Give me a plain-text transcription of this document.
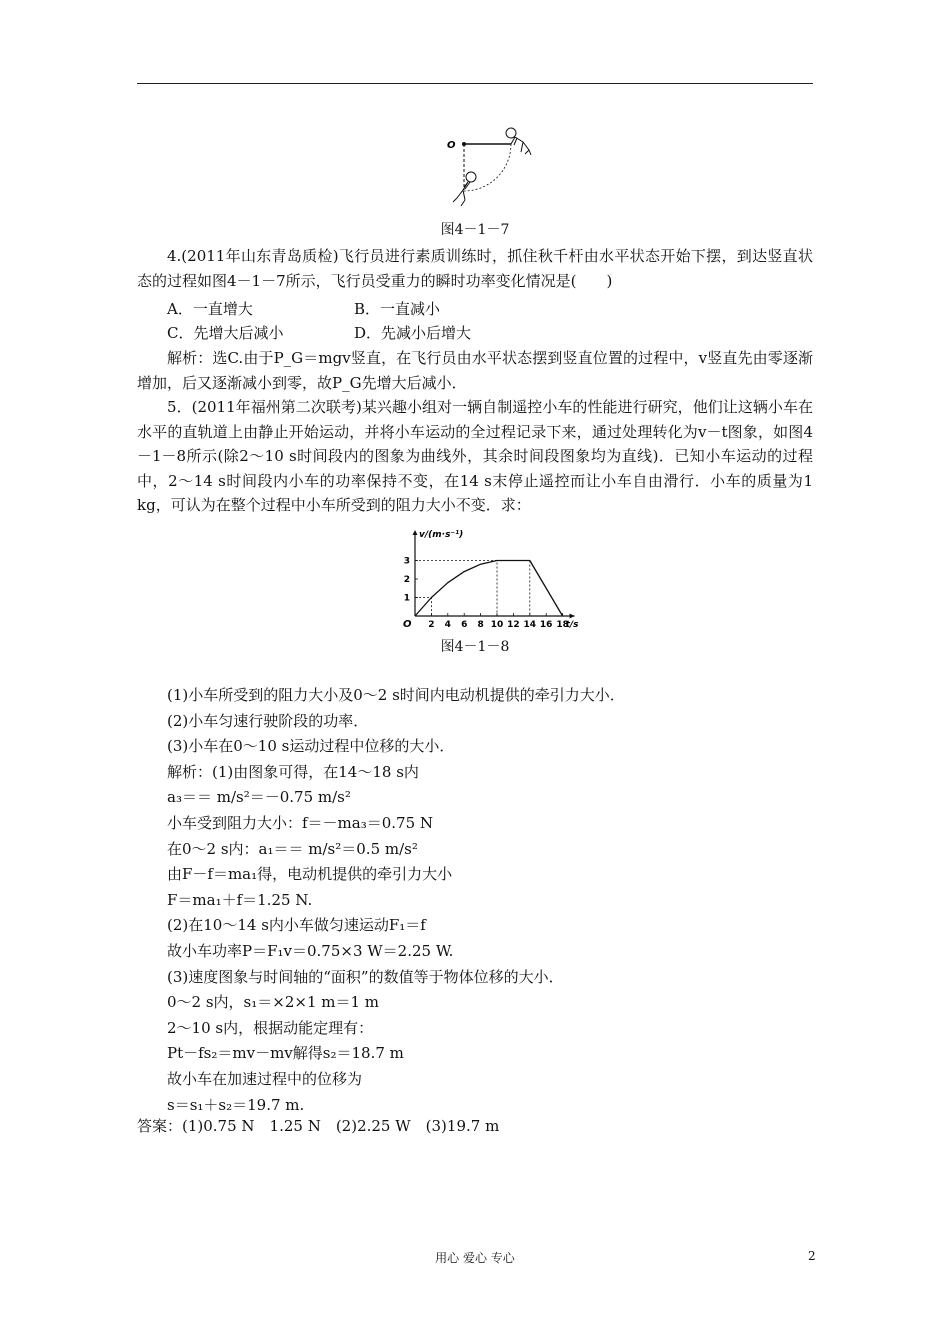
O
图4－1－7
4.(2011年山东青岛质检)飞行员进行素质训练时，抓住秋千杆由水平状态开始下摆，到达竖直状态的过程如图4－1－7所示，飞行员受重力的瞬时功率变化情况是(　　)
A．一直增大	B．一直减小
C．先增大后减小	D．先减小后增大
解析：选C.由于P_G＝mgv竖直，在飞行员由水平状态摆到竖直位置的过程中，v竖直先由零逐渐增加，后又逐渐减小到零，故P_G先增大后减小．
5．(2011年福州第二次联考)某兴趣小组对一辆自制遥控小车的性能进行研究，他们让这辆小车在水平的直轨道上由静止开始运动，并将小车运动的全过程记录下来，通过处理转化为v－t图象，如图4－1－8所示(除2～10 s时间段内的图象为曲线外，其余时间段图象均为直线)．已知小车运动的过程中，2～14 s时间段内小车的功率保持不变，在14 s末停止遥控而让小车自由滑行．小车的质量为1 kg，可认为在整个过程中小车所受到的阻力大小不变．求：
v/(m·s⁻¹)
t/s
O 2 4 6 8 10 12 14 16 18
1
2
3
图4－1－8
(1)小车所受到的阻力大小及0～2 s时间内电动机提供的牵引力大小．
(2)小车匀速行驶阶段的功率．
(3)小车在0～10 s运动过程中位移的大小．
解析：(1)由图象可得，在14～18 s内
a₃＝＝ m/s²＝－0.75 m/s²
小车受到阻力大小：f＝－ma₃＝0.75 N
在0～2 s内：a₁＝＝ m/s²＝0.5 m/s²
由F－f＝ma₁得，电动机提供的牵引力大小
F＝ma₁＋f＝1.25 N.
(2)在10～14 s内小车做匀速运动F₁＝f
故小车功率P＝F₁v＝0.75×3 W＝2.25 W.
(3)速度图象与时间轴的“面积”的数值等于物体位移的大小．
0～2 s内，s₁＝×2×1 m＝1 m
2～10 s内，根据动能定理有：
Pt－fs₂＝mv－mv解得s₂＝18.7 m
故小车在加速过程中的位移为
s＝s₁＋s₂＝19.7 m.
答案：(1)0.75 N　1.25 N　(2)2.25 W　(3)19.7 m
用心 爱心 专心	2
